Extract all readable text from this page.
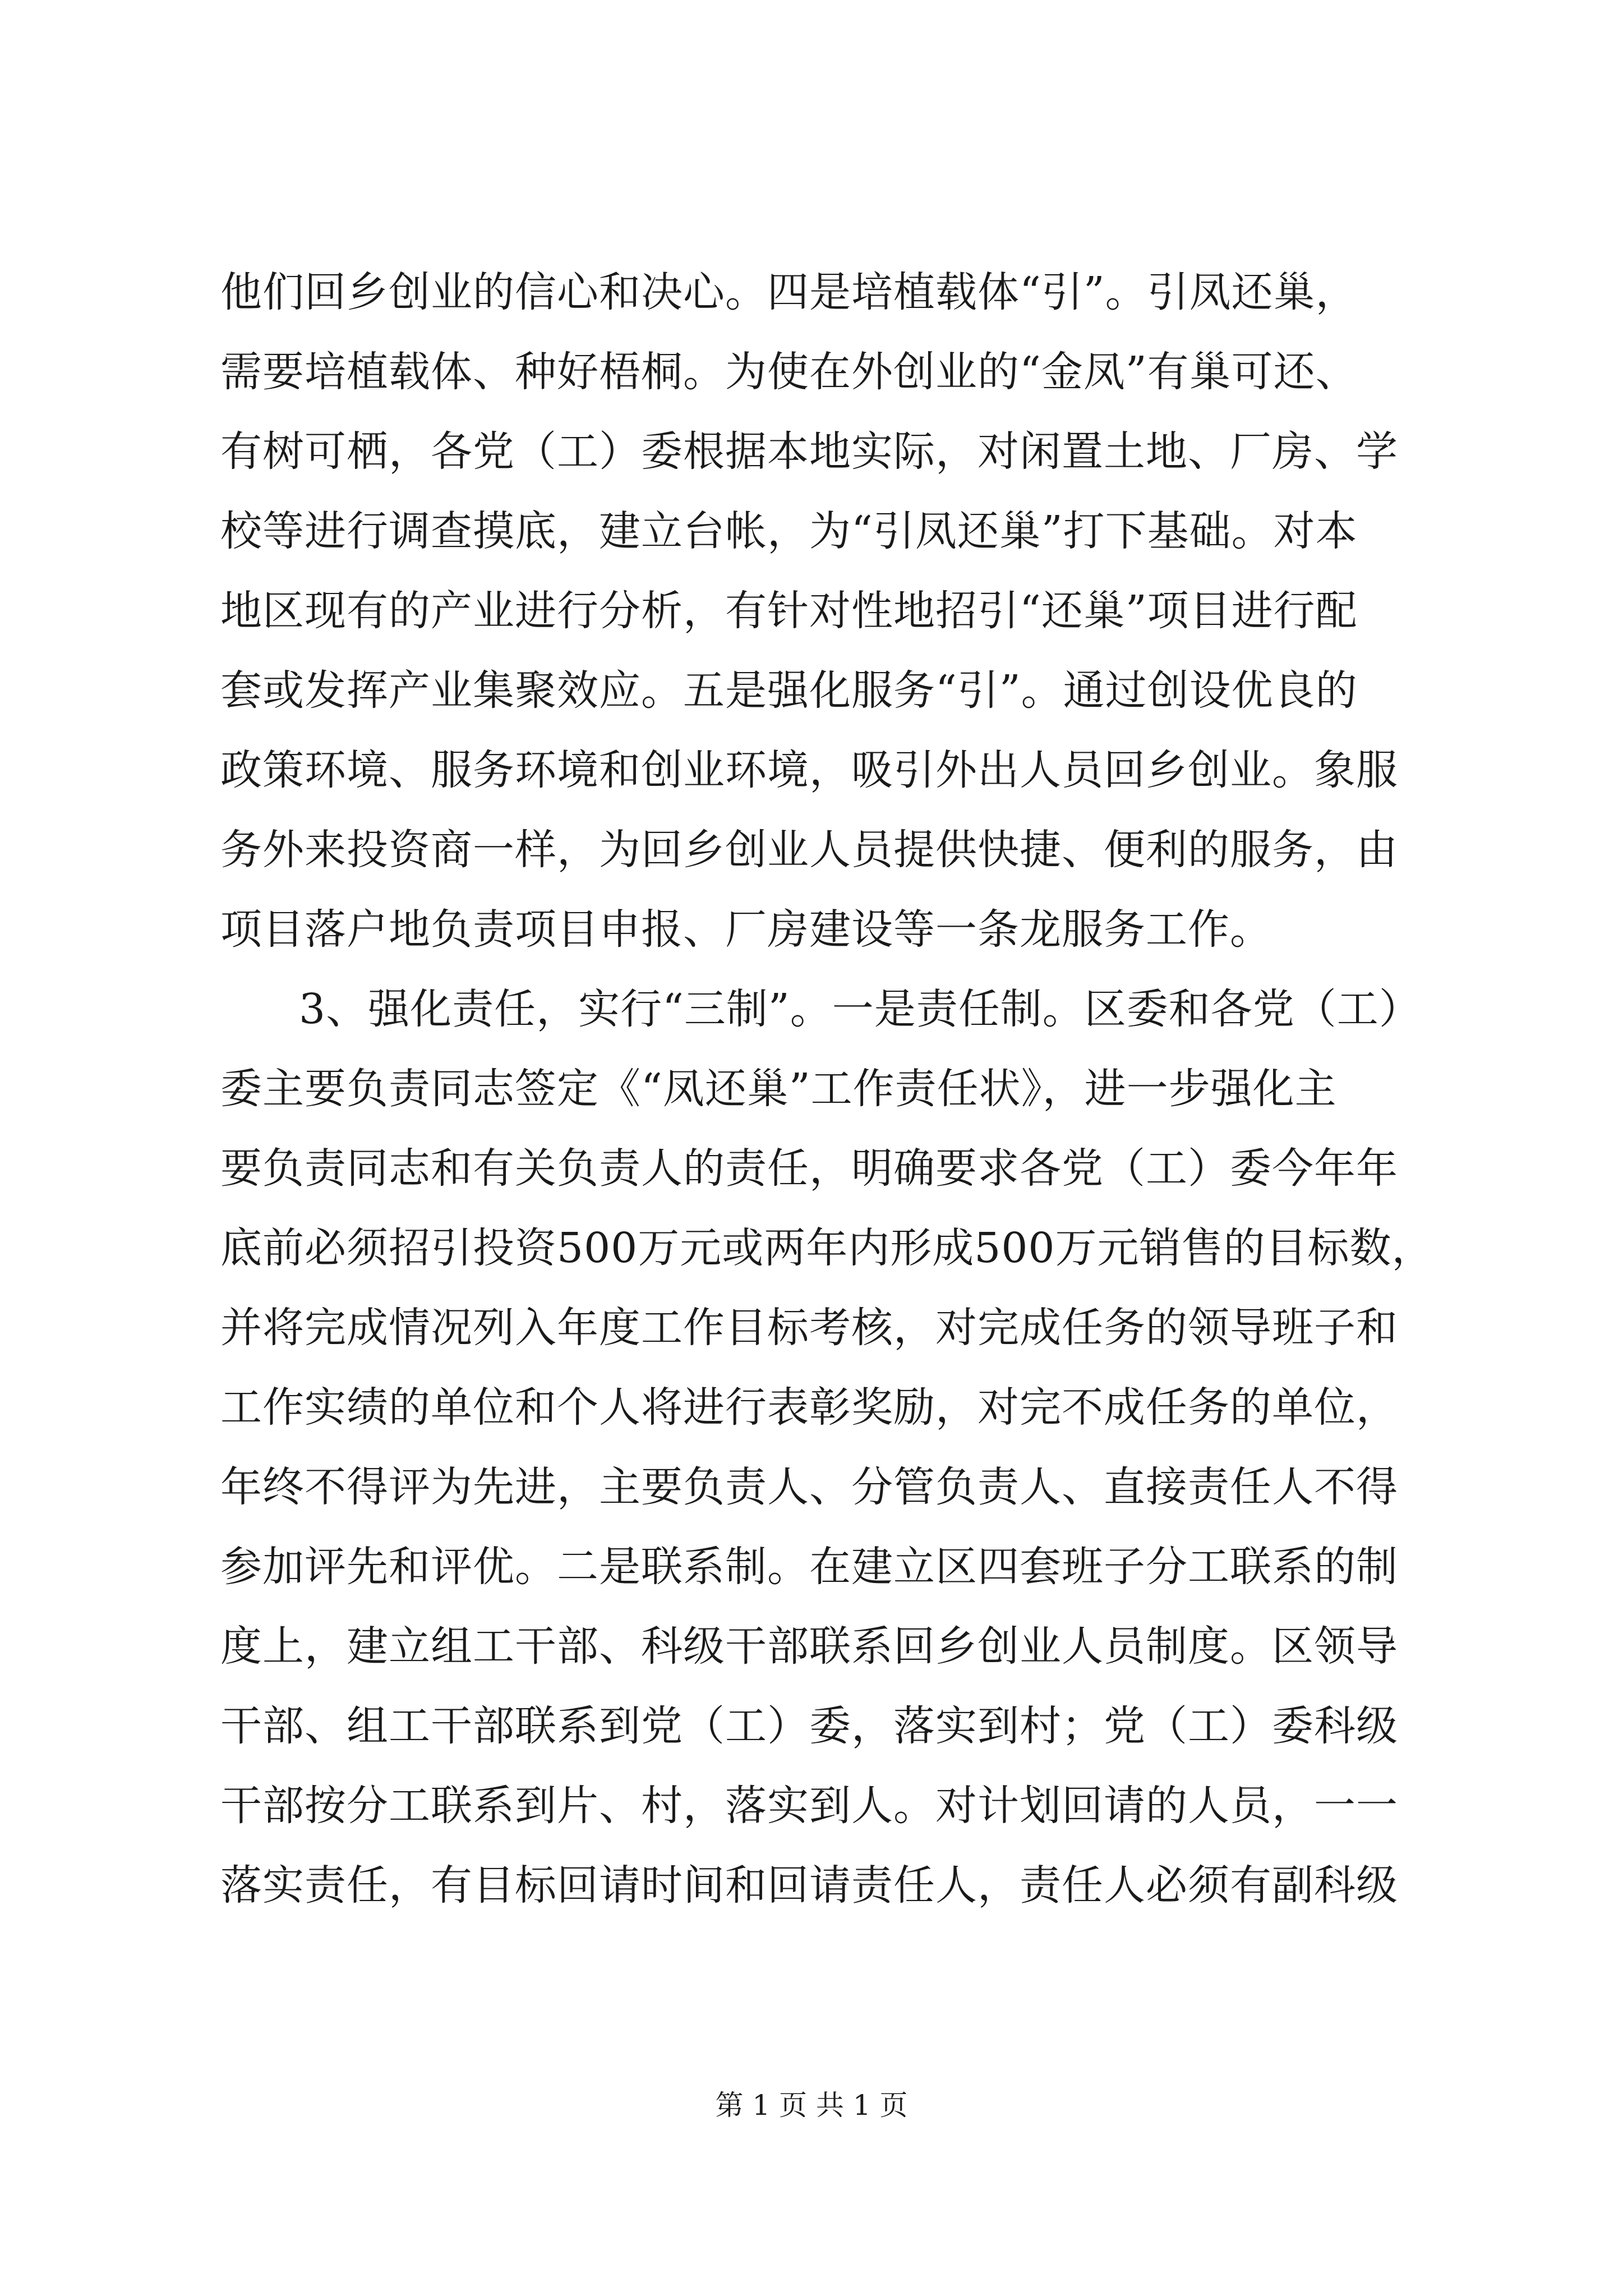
他们回乡创业的信心和决心。四是培植载体“引”。引凤还巢，
需要培植载体、种好梧桐。为使在外创业的“金凤”有巢可还、
有树可栖，各党（工）委根据本地实际，对闲置土地、厂房、学
校等进行调查摸底，建立台帐，为“引凤还巢”打下基础。对本
地区现有的产业进行分析，有针对性地招引“还巢”项目进行配
套或发挥产业集聚效应。五是强化服务“引”。通过创设优良的
政策环境、服务环境和创业环境，吸引外出人员回乡创业。象服
务外来投资商一样，为回乡创业人员提供快捷、便利的服务，由
项目落户地负责项目申报、厂房建设等一条龙服务工作。
3、强化责任，实行“三制”。一是责任制。区委和各党（工）
委主要负责同志签定《“凤还巢”工作责任状》，进一步强化主
要负责同志和有关负责人的责任，明确要求各党（工）委今年年
底前必须招引投资500万元或两年内形成500万元销售的目标数，
并将完成情况列入年度工作目标考核，对完成任务的领导班子和
工作实绩的单位和个人将进行表彰奖励，对完不成任务的单位，
年终不得评为先进，主要负责人、分管负责人、直接责任人不得
参加评先和评优。二是联系制。在建立区四套班子分工联系的制
度上，建立组工干部、科级干部联系回乡创业人员制度。区领导
干部、组工干部联系到党（工）委，落实到村；党（工）委科级
干部按分工联系到片、村，落实到人。对计划回请的人员，一一
落实责任，有目标回请时间和回请责任人，责任人必须有副科级
第 1 页 共 1 页
